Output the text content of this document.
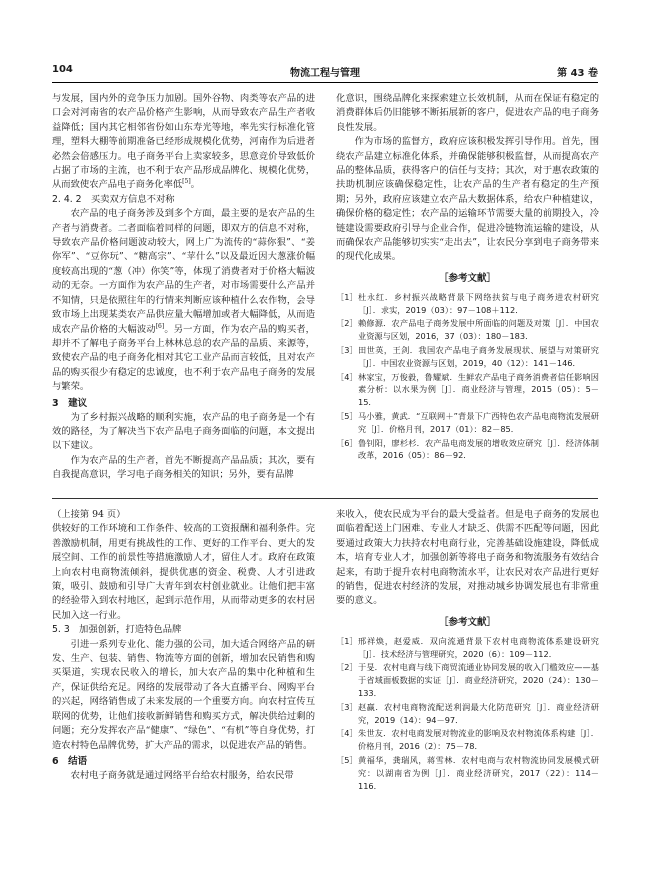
104	物流工程与管理	第 43 卷

与发展，国内外的竞争压力加剧。国外谷物、肉类等农产品的进口会对河南省的农产品价格产生影响，从而导致农产品生产者收益降低；国内其它相邻省份如山东寿光等地，率先实行标准化管理，塑料大棚等前期准备已经形成规模化优势，河南作为后进者必然会倍感压力。电子商务平台上卖家较多，思意竞价导致低价占据了市场的主流，也不利于农产品形成品牌化、规模化优势，从而致使农产品电子商务化率低[5]。

2. 4. 2　买卖双方信息不对称

农产品的电子商务涉及到多个方面，最主要的是农产品的生产者与消费者。二者面临着同样的问题，即双方的信息不对称，导致农产品价格问题波动较大，网上广为流传的“蒜你狠”、“姜你军”、“豆你玩”、“糖高宗”、“苹什么”以及最近因大葱涨价幅度较高出现的“葱（冲）你笑”等，体现了消费者对于价格大幅波动的无奈。一方面作为农产品的生产者，对市场需要什么产品并不知情，只是依照往年的行情来判断应该种植什么农作物，会导致市场上出现某类农产品供应量大幅增加或者大幅降低，从而造成农产品价格的大幅波动[6]。另一方面，作为农产品的购买者，却并不了解电子商务平台上林林总总的农产品的品质、来源等，致使农产品的电子商务化相对其它工业产品而言较低，且对农产品的购买很少有稳定的忠诚度，也不利于农产品电子商务的发展与繁荣。

3　建议

为了乡村振兴战略的顺利实施，农产品的电子商务是一个有效的路径，为了解决当下农产品电子商务面临的问题，本文提出以下建议。

作为农产品的生产者，首先不断提高产品品质；其次，要有自我提高意识，学习电子商务相关的知识；另外，要有品牌

化意识，围绕品牌化来探索建立长效机制，从而在保证有稳定的消费群体后仍旧能够不断拓展新的客户，促进农产品的电子商务良性发展。

作为市场的监督方，政府应该积极发挥引导作用。首先，围绕农产品建立标准化体系，并确保能够积极监督，从而提高农产品的整体品质，获得客户的信任与支持；其次，对于惠农政策的扶助机制应该确保稳定性，让农产品的生产者有稳定的生产预期；另外，政府应该建立农产品大数据体系，给农户种植建议，确保价格的稳定性；农产品的运输环节需要大量的前期投入，冷链建设需要政府引导与企业合作，促进冷链物流运输的建设，从而确保农产品能够切实实“走出去”，让农民分享到电子商务带来的现代化成果。

［参考文献］
［1］ 杜永红．乡村振兴战略背景下网络扶贫与电子商务进农村研究［J］．求实，2019（03）：97－108＋112．
［2］ 赖修源．农产品电子商务发展中所面临的问题及对策［J］．中国农业资源与区划，2016，37（03）：180－183．
［3］ 田世英，王剑．我国农产品电子商务发展现状、展望与对策研究［J］．中国农业资源与区划，2019，40（12）：141－146．
［4］ 林家宝，万俊毅，鲁耀斌．生鲜农产品电子商务消费者信任影响因素分析：以水果为例［J］．商业经济与管理，2015（05）：5－15．
［5］ 马小雅，黄武．“互联网＋”背景下广西特色农产品电商物流发展研究［J］．价格月刊，2017（01）：82－85．
［6］ 鲁钊阳，廖杉杉．农产品电商发展的增收效应研究［J］．经济体制改革，2016（05）：86－92．
（上接第 94 页）

供较好的工作环境和工作条件、较高的工资报酬和福利条件。完善激励机制，用更有挑战性的工作、更好的工作平台、更大的发展空间、工作的前景性等措施激励人才，留住人才。政府在政策上向农村电商物流倾斜，提供优惠的资金、税费、人才引进政策，吸引、鼓励和引导广大青年到农村创业就业。让他们把丰富的经验带入到农村地区，起到示范作用，从而带动更多的农村居民加入这一行业。

5. 3　加强创新，打造特色品牌

引进一系列专业化、能力强的公司，加大适合网络产品的研发、生产、包装、销售、物流等方面的创新，增加农民销售和购买渠道，实现农民收入的增长，加大农产品的集中化种植和生产，保证供给充足。网络的发展带动了各大直播平台、网购平台的兴起，网络销售成了未来发展的一个重要方向。向农村宣传互联网的优势，让他们接收新鲜销售和购买方式，解决供给过剩的问题；充分发挥农产品“健康”、“绿色”、“有机”等自身优势，打造农村特色品牌优势，扩大产品的需求，以促进农产品的销售。

6　结语

农村电子商务就是通过网络平台给农村服务，给农民带

来收入，使农民成为平台的最大受益者。但是电子商务的发展也面临着配送上门困难、专业人才缺乏、供需不匹配等问题，因此要通过政策大力扶持农村电商行业，完善基础设施建设，降低成本，培育专业人才，加强创新等将电子商务和物流服务有效结合起来，有助于提升农村电商物流水平，让农民对农产品进行更好的销售，促进农村经济的发展，对推动城乡协调发展也有非常重要的意义。

［参考文献］
［1］ 邢祥焕，赵爱威．双向流通背景下农村电商物流体系建设研究［J］．技术经济与管理研究，2020（6）：109－112．
［2］ 于旻．农村电商与线下商贸流通业协同发展的收入门槛效应——基于省域面板数据的实证［J］．商业经济研究，2020（24）：130－133．
［3］ 赵赢．农村电商物流配送利润最大化防范研究［J］．商业经济研究，2019（14）：94－97．
［4］ 朱世友．农村电商发展对物流业的影响及农村物流体系构建［J］．价格月刊，2016（2）：75－78．
［5］ 黄福华，龚瑞风，蒋雪林．农村电商与农村物流协同发展模式研究：以湖南省为例［J］．商业经济研究，2017（22）：114－116．
